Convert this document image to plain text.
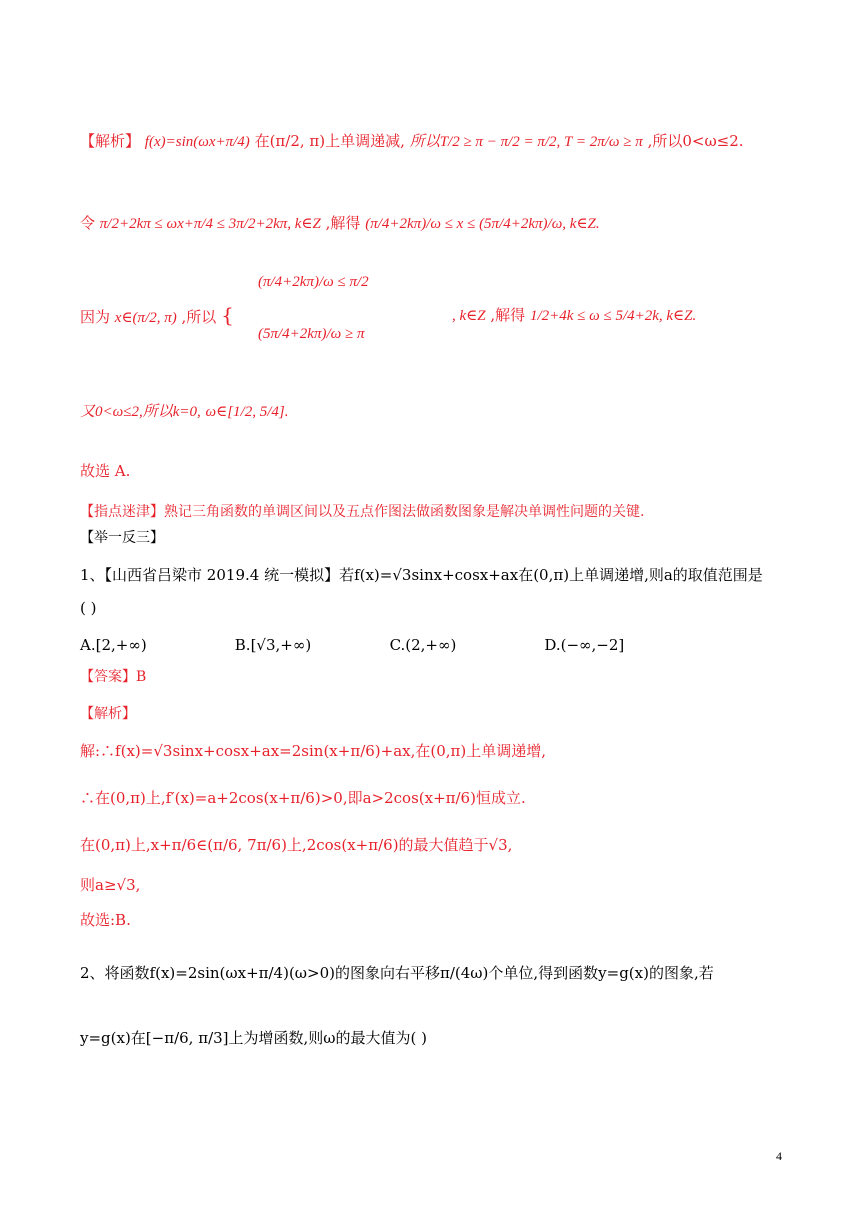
【解析】 f(x)=sin(ωx+π/4) 在(π/2, π)上单调递减, 所以T/2 ≥ π − π/2 = π/2, T = 2π/ω ≥ π ,所以0<ω≤2.
令 π/2+2kπ ≤ ωx+π/4 ≤ 3π/2+2kπ, k∈Z ,解得 (π/4+2kπ)/ω ≤ x ≤ (5π/4+2kπ)/ω, k∈Z.
因为 x∈(π/2, π) ,所以 {
(π/4+2kπ)/ω ≤ π/2
(5π/4+2kπ)/ω ≥ π
, k∈Z ,解得 1/2+4k ≤ ω ≤ 5/4+2k, k∈Z.
又0<ω≤2,所以k=0, ω∈[1/2, 5/4].
故选 A.
【指点迷津】熟记三角函数的单调区间以及五点作图法做函数图象是解决单调性问题的关键.
【举一反三】
1、【山西省吕梁市 2019.4 统一模拟】若f(x)=√3sinx+cosx+ax在(0,π)上单调递增,则a的取值范围是
( )
A.[2,+∞)	B.[√3,+∞)	C.(2,+∞)	D.(−∞,−2]
【答案】B
【解析】
解:∴f(x)=√3sinx+cosx+ax=2sin(x+π/6)+ax,在(0,π)上单调递增,
∴在(0,π)上,f′(x)=a+2cos(x+π/6)>0,即a>2cos(x+π/6)恒成立.
在(0,π)上,x+π/6∈(π/6, 7π/6)上,2cos(x+π/6)的最大值趋于√3,
则a≥√3,
故选:B.
2、将函数f(x)=2sin(ωx+π/4)(ω>0)的图象向右平移π/(4ω)个单位,得到函数y=g(x)的图象,若
y=g(x)在[−π/6, π/3]上为增函数,则ω的最大值为( )
4
